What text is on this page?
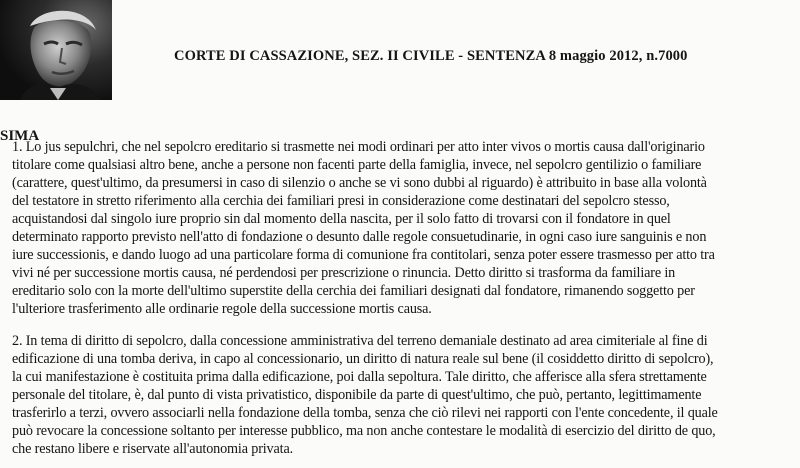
CORTE DI CASSAZIONE, SEZ. II CIVILE - SENTENZA 8 maggio 2012, n.7000
SIMA
1. Lo jus sepulchri, che nel sepolcro ereditario si trasmette nei modi ordinari per atto inter vivos o mortis causa dall'originario
titolare come qualsiasi altro bene, anche a persone non facenti parte della famiglia, invece, nel sepolcro gentilizio o familiare
(carattere, quest'ultimo, da presumersi in caso di silenzio o anche se vi sono dubbi al riguardo) è attribuito in base alla volontà
del testatore in stretto riferimento alla cerchia dei familiari presi in considerazione come destinatari del sepolcro stesso,
acquistandosi dal singolo iure proprio sin dal momento della nascita, per il solo fatto di trovarsi con il fondatore in quel
determinato rapporto previsto nell'atto di fondazione o desunto dalle regole consuetudinarie, in ogni caso iure sanguinis e non
iure successionis, e dando luogo ad una particolare forma di comunione fra contitolari, senza poter essere trasmesso per atto tra
vivi né per successione mortis causa, né perdendosi per prescrizione o rinuncia. Detto diritto si trasforma da familiare in
ereditario solo con la morte dell'ultimo superstite della cerchia dei familiari designati dal fondatore, rimanendo soggetto per
l'ulteriore trasferimento alle ordinarie regole della successione mortis causa.
2. In tema di diritto di sepolcro, dalla concessione amministrativa del terreno demaniale destinato ad area cimiteriale al fine di
edificazione di una tomba deriva, in capo al concessionario, un diritto di natura reale sul bene (il cosiddetto diritto di sepolcro),
la cui manifestazione è costituita prima dalla edificazione, poi dalla sepoltura. Tale diritto, che afferisce alla sfera strettamente
personale del titolare, è, dal punto di vista privatistico, disponibile da parte di quest'ultimo, che può, pertanto, legittimamente
trasferirlo a terzi, ovvero associarli nella fondazione della tomba, senza che ciò rilevi nei rapporti con l'ente concedente, il quale
può revocare la concessione soltanto per interesse pubblico, ma non anche contestare le modalità di esercizio del diritto de quo,
che restano libere e riservate all'autonomia privata.
